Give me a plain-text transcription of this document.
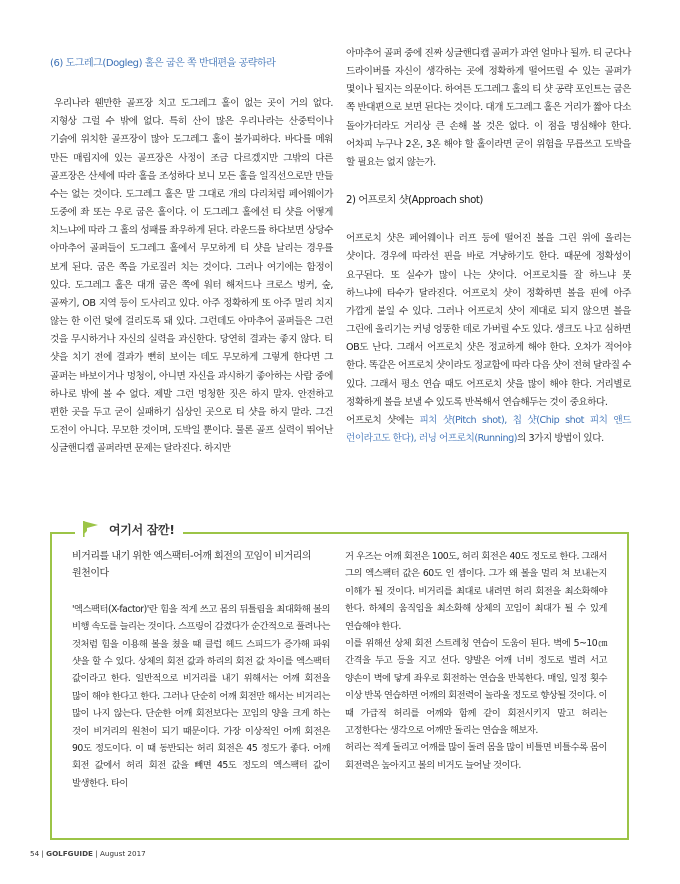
(6) 도그레그(Dogleg) 홀은 굽은 쪽 반대편을 공략하라

우리나라 웬만한 골프장 치고 도그레그 홀이 없는 곳이 거의 없다. 지형상 그럴 수 밖에 없다. 특히 산이 많은 우리나라는 산중턱이나 기슭에 위치한 골프장이 많아 도그레그 홀이 불가피하다. 바다를 메워 만든 매립지에 있는 골프장은 사정이 조금 다르겠지만 그밖의 다른 골프장은 산세에 따라 홀을 조성하다 보니 모든 홀을 일직선으로만 만들 수는 없는 것이다. 도그레그 홀은 말 그대로 개의 다리처럼 페어웨이가 도중에 좌 또는 우로 굽은 홀이다. 이 도그레그 홀에선 티 샷을 어떻게 치느냐에 따라 그 홀의 성패를 좌우하게 된다. 라운드를 하다보면 상당수 아마추어 골퍼들이 도그레그 홀에서 무모하게 티 샷을 날리는 경우를 보게 된다. 굽은 쪽을 가로질러 치는 것이다. 그러나 여기에는 함정이 있다. 도그레그 홀은 대개 굽은 쪽에 워터 해저드나 크로스 벙커, 숲, 골짜기, OB 지역 등이 도사리고 있다. 아주 정확하게 또 아주 멀리 치지 않는 한 이런 덫에 걸리도록 돼 있다. 그런데도 아마추어 골퍼들은 그런 것을 무시하거나 자신의 실력을 과신한다. 당연히 결과는 좋지 않다. 티 샷을 치기 전에 결과가 뻔히 보이는 데도 무모하게 그렇게 한다면 그 골퍼는 바보이거나 멍청이, 아니면 자신을 과시하기 좋아하는 사람 중에 하나로 밖에 볼 수 없다. 제발 그런 멍청한 짓은 하지 말자. 안전하고 편한 곳을 두고 굳이 실패하기 십상인 곳으로 티 샷을 하지 말라. 그건 도전이 아니다. 무모한 것이며, 도박일 뿐이다. 물론 골프 실력이 뛰어난 싱글핸디캡 골퍼라면 문제는 달라진다. 하지만

아마추어 골퍼 중에 진짜 싱글핸디캡 골퍼가 과연 얼마나 될까. 티 군다나 드라이버를 자신이 생각하는 곳에 정확하게 떨어뜨릴 수 있는 골퍼가 몇이나 될지는 의문이다. 하여튼 도그레그 홀의 티 샷 공략 포인트는 굽은 쪽 반대편으로 보면 된다는 것이다. 대개 도그레그 홀은 거리가 짧아 다소 돌아가더라도 거리상 큰 손해 볼 것은 없다. 이 점을 명심해야 한다. 어차피 누구나 2온, 3온 해야 할 홀이라면 굳이 위험을 무릅쓰고 도박을 할 필요는 없지 않는가.

2) 어프로치 샷(Approach shot)

어프로치 샷은 페어웨이나 러프 등에 떨어진 볼을 그린 위에 올리는 샷이다. 경우에 따라선 핀을 바로 겨냥하기도 한다. 때문에 정확성이 요구된다. 또 실수가 많이 나는 샷이다. 어프로치를 잘 하느냐 못 하느냐에 타수가 달라진다. 어프로치 샷이 정확하면 볼을 핀에 아주 가깝게 붙일 수 있다. 그러나 어프로치 샷이 제대로 되지 않으면 볼을 그린에 올리기는 커녕 엉뚱한 데로 가버릴 수도 있다. 생크도 나고 심하면 OB도 난다. 그래서 어프로치 샷은 정교하게 해야 한다. 오차가 적어야 한다. 똑같은 어프로치 샷이라도 정교함에 따라 다음 샷이 전혀 달라질 수 있다. 그래서 평소 연습 때도 어프로치 샷을 많이 해야 한다. 거리별로 정확하게 볼을 보낼 수 있도록 반복해서 연습해두는 것이 중요하다.

어프로치 샷에는 피치 샷(Pitch shot), 칩 샷(Chip shot 피치 앤드 런이라고도 한다), 러닝 어프로치(Running)의 3가지 방법이 있다.

여기서 잠깐!

비거리를 내기 위한 엑스팩터-어깨 회전의 꼬임이 비거리의 원천이다

'엑스팩터(X-factor)'란 힘을 적게 쓰고 몸의 뒤틀림을 최대화해 볼의 비행 속도를 늘리는 것이다. 스프링이 감겼다가 순간적으로 풀려나는 것처럼 힘을 이용해 볼을 쳤을 때 클럽 헤드 스피드가 증가해 파워 샷을 할 수 있다. 상체의 회전 값과 하리의 회전 값 차이를 엑스팩터 값이라고 한다. 일반적으로 비거리를 내기 위해서는 어깨 회전을 많이 해야 한다고 한다. 그러나 단순히 어깨 회전만 해서는 비거리는 많이 나지 않는다. 단순한 어깨 회전보다는 꼬임의 양을 크게 하는 것이 비거리의 원천이 되기 때문이다. 가장 이상적인 어깨 회전은 90도 정도이다. 이 때 동반되는 허리 회전은 45 정도가 좋다. 어깨 회전 값에서 허리 회전 값을 빼면 45도 정도의 엑스팩터 값이 발생한다. 타이

거 우즈는 어깨 회전은 100도, 허리 회전은 40도 정도로 한다. 그래서 그의 엑스팩터 값은 60도 인 셈이다. 그가 왜 볼을 멀리 쳐 보내는지 이해가 될 것이다. 비거리를 최대로 내려면 허리 회전을 최소화해야 한다. 하체의 움직임을 최소화해 상체의 꼬임이 최대가 될 수 있게 연습해야 한다.

이를 위해선 상체 회전 스트레칭 연습이 도움이 된다. 벽에 5~10㎝ 간격을 두고 등을 지고 선다. 양발은 어깨 너비 정도로 벌려 서고 양손이 벽에 닿게 좌우로 회전하는 연습을 반복한다. 매일, 일정 횟수 이상 반복 연습하면 어깨의 회전력이 놀라울 정도로 향상될 것이다. 이 때 가급적 허리를 어깨와 함께 같이 회전시키지 말고 허리는 고정한다는 생각으로 어깨만 돌리는 연습을 해보자.

허리는 적게 돌리고 어깨를 많이 돌려 몸을 많이 비틀면 비틀수록 몸이 회전력은 높아지고 볼의 비거도 늘어날 것이다.

54 | GOLFGUIDE | August 2017
